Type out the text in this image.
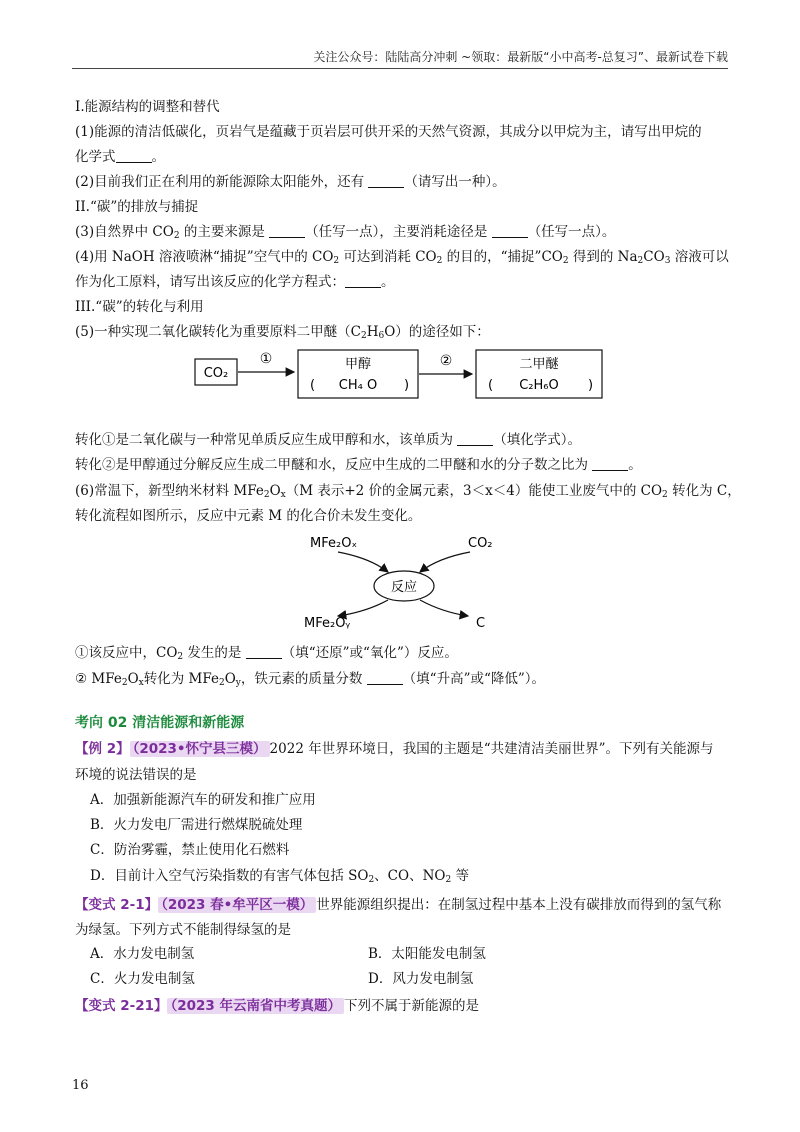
关注公众号：陆陆高分冲刺 ~领取：最新版“小中高考-总复习”、最新试卷下载
I.能源结构的调整和替代
(1)能源的清洁低碳化，页岩气是蕴藏于页岩层可供开采的天然气资源，其成分以甲烷为主，请写出甲烷的
化学式	。
(2)目前我们正在利用的新能源除太阳能外，还有	（请写出一种）。
II.“碳”的排放与捕捉
(3)自然界中 $CO_2$ 的主要来源是	（任写一点），主要消耗途径是	（任写一点）。
(4)用 NaOH 溶液喷淋“捕捉”空气中的 $CO_2$ 可达到消耗 $CO_2$ 的目的，“捕捉$”CO_2$ 得到的 $Na_2CO_3$ 溶液可以
作为化工原料，请写出该反应的化学方程式：	。
III.“碳”的转化与利用
(5)一种实现二氧化碳转化为重要原料二甲醚$(C_2H_6O)$的途径如下：
CO₂
①	甲醇
( CH₄ O )
②	二甲醚
( C₂H₆O )
转化①是二氧化碳与一种常见单质反应生成甲醇和水，该单质为	（填化学式）。
转化②是甲醇通过分解反应生成二甲醚和水，反应中生成的二甲醚和水的分子数之比为	。
(6)常温下，新型纳米材料 $MFe_2O_x(M$ 表示+2 价的金属元素，3＜x＜4）能使工业废气中的 $CO_2$ 转化为 C，
转化流程如图所示，反应中元素 M 的化合价未发生变化。
MFe₂Oₓ	CO₂
反应
MFe₂Oᵧ	C
①该反应中，$CO_2$ 发生的是	（填“还原”或“氧化”）反应。
② $MFe_2O_x$转化为 $MFe_2O_y$，铁元素的质量分数	（填“升高”或“降低”）。
考向 02 清洁能源和新能源
【例 2】 （2023•怀宁县三模） 2022 年世界环境日，我国的主题是“共建清洁美丽世界”。下列有关能源与
环境的说法错误的是
A．加强新能源汽车的研发和推广应用
B．火力发电厂需进行燃煤脱硫处理
C．防治雾霾，禁止使用化石燃料
D．目前计入空气污染指数的有害气体包括 $SO_2$、CO、$NO_2$ 等
【变式 2-1】 （2023 春•牟平区一模） 世界能源组织提出：在制氢过程中基本上没有碳排放而得到的氢气称
为绿氢。下列方式不能制得绿氢的是
A．水力发电制氢	B．太阳能发电制氢
C．火力发电制氢	D．风力发电制氢
【变式 2-21】 （2023 年云南省中考真题） 下列不属于新能源的是
16
